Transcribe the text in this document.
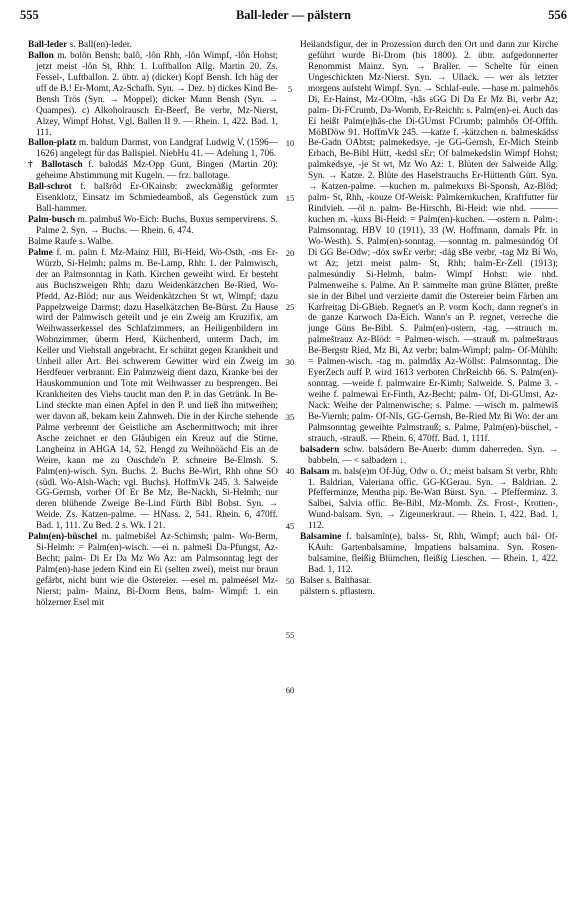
555	Ball-leder — pälstern	556

Ball-leder s. Ball(en)-leder.

Ballon m. bolôn Bensh; balô, -lôn Rhh, -lôn Wimpf, -lôn Hohst; jetzt meist -lôn St, Rhh: 1. Luftballon Allg. Martin 20. Zs. Fessel-, Luftballon. 2. übtr. a) (dicker) Kopf Bensh. Ich häg der uff de B.! Er-Momt, Az-Schafh. Syn. → Dez. b) dickes Kind Be-Bensh Trös (Syn. → Moppel); dicker Mann Bensh (Syn. → Quampes). c) Alkoholrausch Er-Beerf, Be verbr, Mz-Nierst, Alzey, Wimpf Hohst. Vgl. Ballen II 9. — Rhein. 1, 422. Bad. 1, 111.

Ballon-platz m. baldum Darmst, von Landgraf Ludwig V. (1596—1626) angelegt für das Ballspiel. NiebHu 41. — Adelung 1, 706.

† Ballotasch f. balodáš Mz-Opp Gunt, Bingen (Martin 20): geheime Abstimmung mit Kugeln. — frz. ballotage.

Ball-schrot f. balšrôd Er-OKainsb: zweckmäßig geformter Eisenklotz, Einsatz im Schmiedeamboß, als Gegenstück zum Ball-hammer.

Palm-busch m. palmbuš Wo-Eich: Buchs, Buxus sempervirens. S. Palme 2. Syn. → Buchs. — Rhein. 6, 474.

Balme Raufe s. Walbe.

Palme f. m. palm f. Mz-Mainz Hill, Bi-Heid, Wo-Osth, -ms Er-Würzb, Si-Helmh; palms m. Be-Lamp, Rhh: 1. der Palmwisch, der an Palmsonntag in Kath. Kirchen geweiht wird. Er besteht aus Buchszweigen Rhh; dazu Weidenkätzchen Be-Ried, Wo-Pfedd, Az-Blöd; nur aus Weidenkätzchen St wt, Wimpf; dazu Pappelzweige Darmst; dazu Haselkätzchen Be-Bürst. Zu Hause wird der Palmwisch geteilt und je ein Zweig am Kruzifix, am Weihwasserkessel des Schlafzimmers, an Heiligenbildern im Wohnzimmer, überm Herd, Küchenherd, unterm Dach, im Keller und Viehstall angebracht. Er schützt gegen Krankheit und Unheil aller Art. Bei schwerem Gewitter wird ein Zweig im Herdfeuer verbrannt. Ein Palmzweig dient dazu, Kranke bei der Hauskommunion und Tote mit Weihwasser zu besprengen. Bei Krankheiten des Viehs taucht man den P. in das Getränk. In Be-Lind steckte man einen Apfel in den P. und ließ ihn mitweihen; wer davon aß, bekam kein Zahnweh. Die in der Kirche stehende Palme verbrennt der Geistliche am Aschermittwoch; mit ihrer Asche zeichnet er den Gläubigen ein Kreuz auf die Stirne. Langheinz in AHGA 14, 52. Hengd zu Weihnöächd Eis an de Weire, kann me zu Ouschde'n P. schneire Be-Elmsh. S. Palm(en)-wisch. Syn. Buchs. 2. Buchs Be-Wirt, Rhh ohne SO (südl. Wo-Alsh-Wach; vgl. Buchs). HoffmVk 245. 3. Salweide GG-Gernsh, vorher Of Er Be Mz, Be-Nackh, Si-Helmh; nur deren blühende Zweige Be-Lind Fürth Bibl Bobst. Syn. → Weide. Zs. Katzen-palme. — HNass. 2, 541. Rhein. 6, 470ff. Bad. 1, 111. Zu Bed. 2 s. Wk. I 21.

Palm(en)-büschel m. palmebišel Az-Schimsh; palm- Wo-Berm, Si-Helmh: = Palm(en)-wisch. —ei n. palmeši Da-Pfungst, Az-Becht; palm- Di Er Da Mz Wo Az: am Palmsonntag legt der Palm(en)-hase jedem Kind ein Ei (selten zwei), meist nur braun gefärbt, nicht bunt wie die Ostereier. —esel m. palmeésel Mz-Nierst; palm- Mainz, Bi-Dorm Bens, balm- Wimpf: 1. ein hölzerner Esel mit

5
10
15
20
25
30
35
40
45
50
55
60

Heilandsfigur, der in Prozession durch den Ort und dann zur Kirche geführt wurde Bi-Drom (bis 1800). 2. übtr. aufgedonnerter Renommist Mainz. Syn. → Braller. — Schelte für einen Ungeschickten Mz-Nierst. Syn. → Ullack. — wer als letzter morgens aufsteht Wimpf. Syn. → Schlaf-eule. —hase m. palmehôs Di, Er-Hainst, Mz-OOlm, -hâs sGG Di Da Er Mz Bi, verbr Az; palm- Di-FCrumb, Da-Womb, Er-Reichh: s. Palm(en)-ei. Auch das Ei heißt Palm(e)hâs-che Di-GUmst FCrumb; palmhôs Of-Offth. MöBDöw 91. HoffmVk 245. —katze f. -kätzchen n. balmeskádss Be-Gadn OAbtst; palmekedsye, -je GG-Gernsh, Er-Mich Steinb Erbach, Be-Bibl Hütt, -kedsl sEr; Of balmekedslin Wimpf Hohst; palmkedsye, -je St wt, Mz Wo Az: 1. Blüten der Salweide Allg. Syn. → Katze. 2. Blüte des Haselstrauchs Er-Hüttenth Gütt. Syn. → Katzen-palme. —kuchen m. palmekuxs Bi-Sponsh, Az-Blöd; palm- St, Rhh, -kouze Of-Weisk: Palmkernkuchen, Kraftfutter für Rindvieh. —öl n. palm- Be-Hirschh, Bi-Heid: wie nhd. ———kuchen m. -kuxs Bi-Heid: = Palm(en)-kuchen. —ostern n. Palm-: Palmsonntag. HBV 10 (1911), 33 (W. Hoffmann, damals Pfr. in Wo-Westh). S. Palm(en)-sonntag. —sonntag m. palmesúndóg Of Di GG Be-Odw; -dóx swEr verbr; -dág sBe verbr, -tag Mz Bi Wo, wt Az; jetzt meist palm- St, Rhh; balm-Er-Zell (1913); palmesúndiy Si-Helmh, balm- Wimpf Hohst: wie nhd. Palmenweihe s. Palme. An P. sammelte man grüne Blätter, preßte sie in der Bibel und verzierte damit die Ostereier beim Färben am Karfreitag Di-GBieb. Regnet's an P. vorm Koch, dann regnet's in de ganze Karwoch Da-Eich. Wann's an P. regnet, verreche die junge Güns Be-Bibl. S. Palm(en)-ostern, -tag. —strauch m. palmeštrauz Az-Blöd: = Palmen-wisch. —strauß m. palmeštraus Be-Bergstr Ried, Mz Bi, Az verbr; balm-Wimpf; palm- Of-Mühlh: = Palmen-wisch. -tag m. palmdâx Az-Wöllst: Palmsonntag. Die EyerZech auff P. wird 1613 verboten ChrReichb 66. S. Palm(en)-sonntag. —weide f. palmwaire Er-Kimb; Salweide. S. Palme 3. -weihe f. palmewai Er-Finth, Az-Becht; palm- Of, Di-GUmst, Az-Nack: Weihe der Palmenwische; s. Palme. —wisch m. palmewiš Be-Viernh; palm- Of-NIs, GG-Gernsh, Be-Ried Mz Bi Wo: der am Palmsonntag geweihte Palmstrauß; s. Palme, Palm(en)-büschel, -strauch, -strauß. — Rhein. 6, 470ff. Bad. 1, 111f.

balsadern schw. balsádern Be-Auerb: dumm daherreden. Syn. → babbeln. — < salbadern ↓.

Balsam m. bals(e)m Of-Jüg, Odw o. O.; meist balsam St verbr, Rhh: 1. Baldrian, Valeriana offic. GG-KGerau. Syn. → Baldrian. 2. Pfefferminze, Mentha pip. Be-Watt Bürst. Syn. → Pfefferminz. 3. Salbei, Salvia offic. Be-Bibl, Mz-Momb. Zs. Frost-, Krotten-, Wund-balsam. Syn. → Zigeunerkraut. — Rhein. 1, 422. Bad. 1, 112.

Balsamine f. balsamîn(e), balss- St, Rhh, Wimpf; auch bál- Of-KAuh: Gartenbalsamine, Impatiens balsamina. Syn. Rosen-balsamine, fleißig Blümchen, fleißig Lieschen. — Rhein. 1, 422. Bad. 1, 112.

Balser s. Balthasar.

pälstern s. pflastern.
